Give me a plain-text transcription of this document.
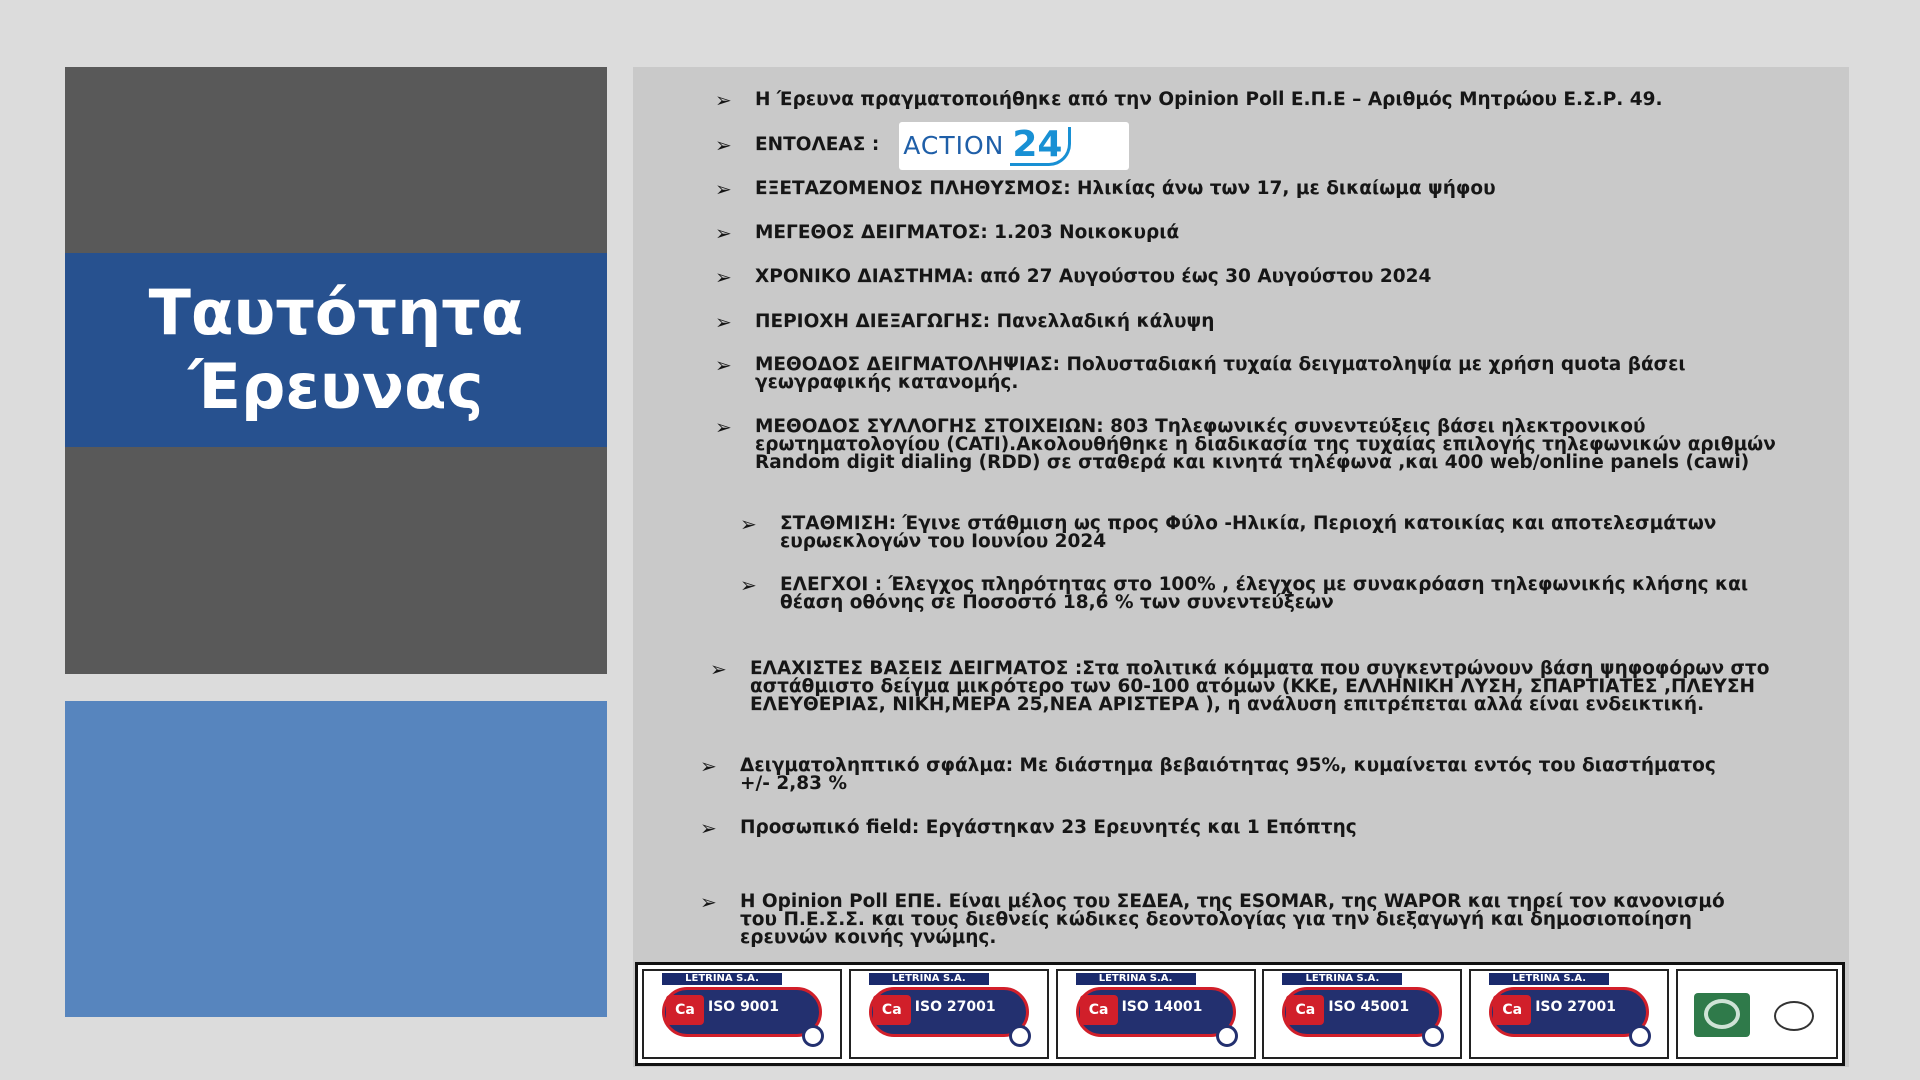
Ταυτότητα
Έρευνας
➢	Η Έρευνα πραγματοποιήθηκε από την Opinion Poll Ε.Π.Ε – Αριθμός Μητρώου Ε.Σ.Ρ. 49.
➢	ΕΝΤΟΛΕΑΣ : ACTION 24
➢	ΕΞΕΤΑΖΟΜΕΝΟΣ ΠΛΗΘΥΣΜΟΣ: Ηλικίας άνω των 17, με δικαίωμα ψήφου
➢	ΜΕΓΕΘΟΣ ΔΕΙΓΜΑΤΟΣ: 1.203 Νοικοκυριά
➢	ΧΡΟΝΙΚΟ ΔΙΑΣΤΗΜΑ: από 27 Αυγούστου έως 30 Αυγούστου 2024
➢	ΠΕΡΙΟΧΗ ΔΙΕΞΑΓΩΓΗΣ: Πανελλαδική κάλυψη
➢	ΜΕΘΟΔΟΣ ΔΕΙΓΜΑΤΟΛΗΨΙΑΣ: Πολυσταδιακή τυχαία δειγματοληψία με χρήση quota βάσει γεωγραφικής κατανομής.
➢	ΜΕΘΟΔΟΣ ΣΥΛΛΟΓΗΣ ΣΤΟΙΧΕΙΩΝ: 803 Τηλεφωνικές συνεντεύξεις βάσει ηλεκτρονικού ερωτηματολογίου (CATI).Ακολουθήθηκε η διαδικασία της τυχαίας επιλογής τηλεφωνικών αριθμών Random digit dialing (RDD) σε σταθερά και κινητά τηλέφωνα ,και 400 web/online panels (cawi)
➢	ΣΤΑΘΜΙΣΗ: Έγινε στάθμιση ως προς Φύλο -Ηλικία, Περιοχή κατοικίας και αποτελεσμάτων ευρωεκλογών του Ιουνίου 2024
➢	ΕΛΕΓΧΟΙ : Έλεγχος πληρότητας στο 100% , έλεγχος με συνακρόαση τηλεφωνικής κλήσης και θέαση οθόνης σε Ποσοστό 18,6 % των συνεντεύξεων
➢	ΕΛΑΧΙΣΤΕΣ ΒΑΣΕΙΣ ΔΕΙΓΜΑΤΟΣ :Στα πολιτικά κόμματα που συγκεντρώνουν βάση ψηφοφόρων στο αστάθμιστο δείγμα μικρότερο των 60-100 ατόμων (ΚΚΕ, ΕΛΛΗΝΙΚΗ ΛΥΣΗ, ΣΠΑΡΤΙΑΤΕΣ ,ΠΛΕΥΣΗ ΕΛΕΥΘΕΡΙΑΣ, ΝΙΚΗ,ΜΕΡΑ 25,ΝΕΑ ΑΡΙΣΤΕΡΑ ), η ανάλυση επιτρέπεται αλλά είναι ενδεικτική.
➢	Δειγματοληπτικό σφάλμα: Με διάστημα βεβαιότητας 95%, κυμαίνεται εντός του διαστήματος +/- 2,83 %
➢	Προσωπικό field: Εργάστηκαν 23 Ερευνητές και 1 Επόπτης
➢	Η Opinion Poll ΕΠΕ. Είναι μέλος του ΣΕΔΕΑ, της ESOMAR, της WAPOR και τηρεί τον κανονισμό του Π.Ε.Σ.Σ. και τους διεθνείς κώδικες δεοντολογίας για την διεξαγωγή και δημοσιοποίηση ερευνών κοινής γνώμης.
LETRINA S.A.
Ca ISO 9001
LETRINA S.A.
Ca ISO 27001
LETRINA S.A.
Ca ISO 14001
LETRINA S.A.
Ca ISO 45001
LETRINA S.A.
Ca ISO 27001
